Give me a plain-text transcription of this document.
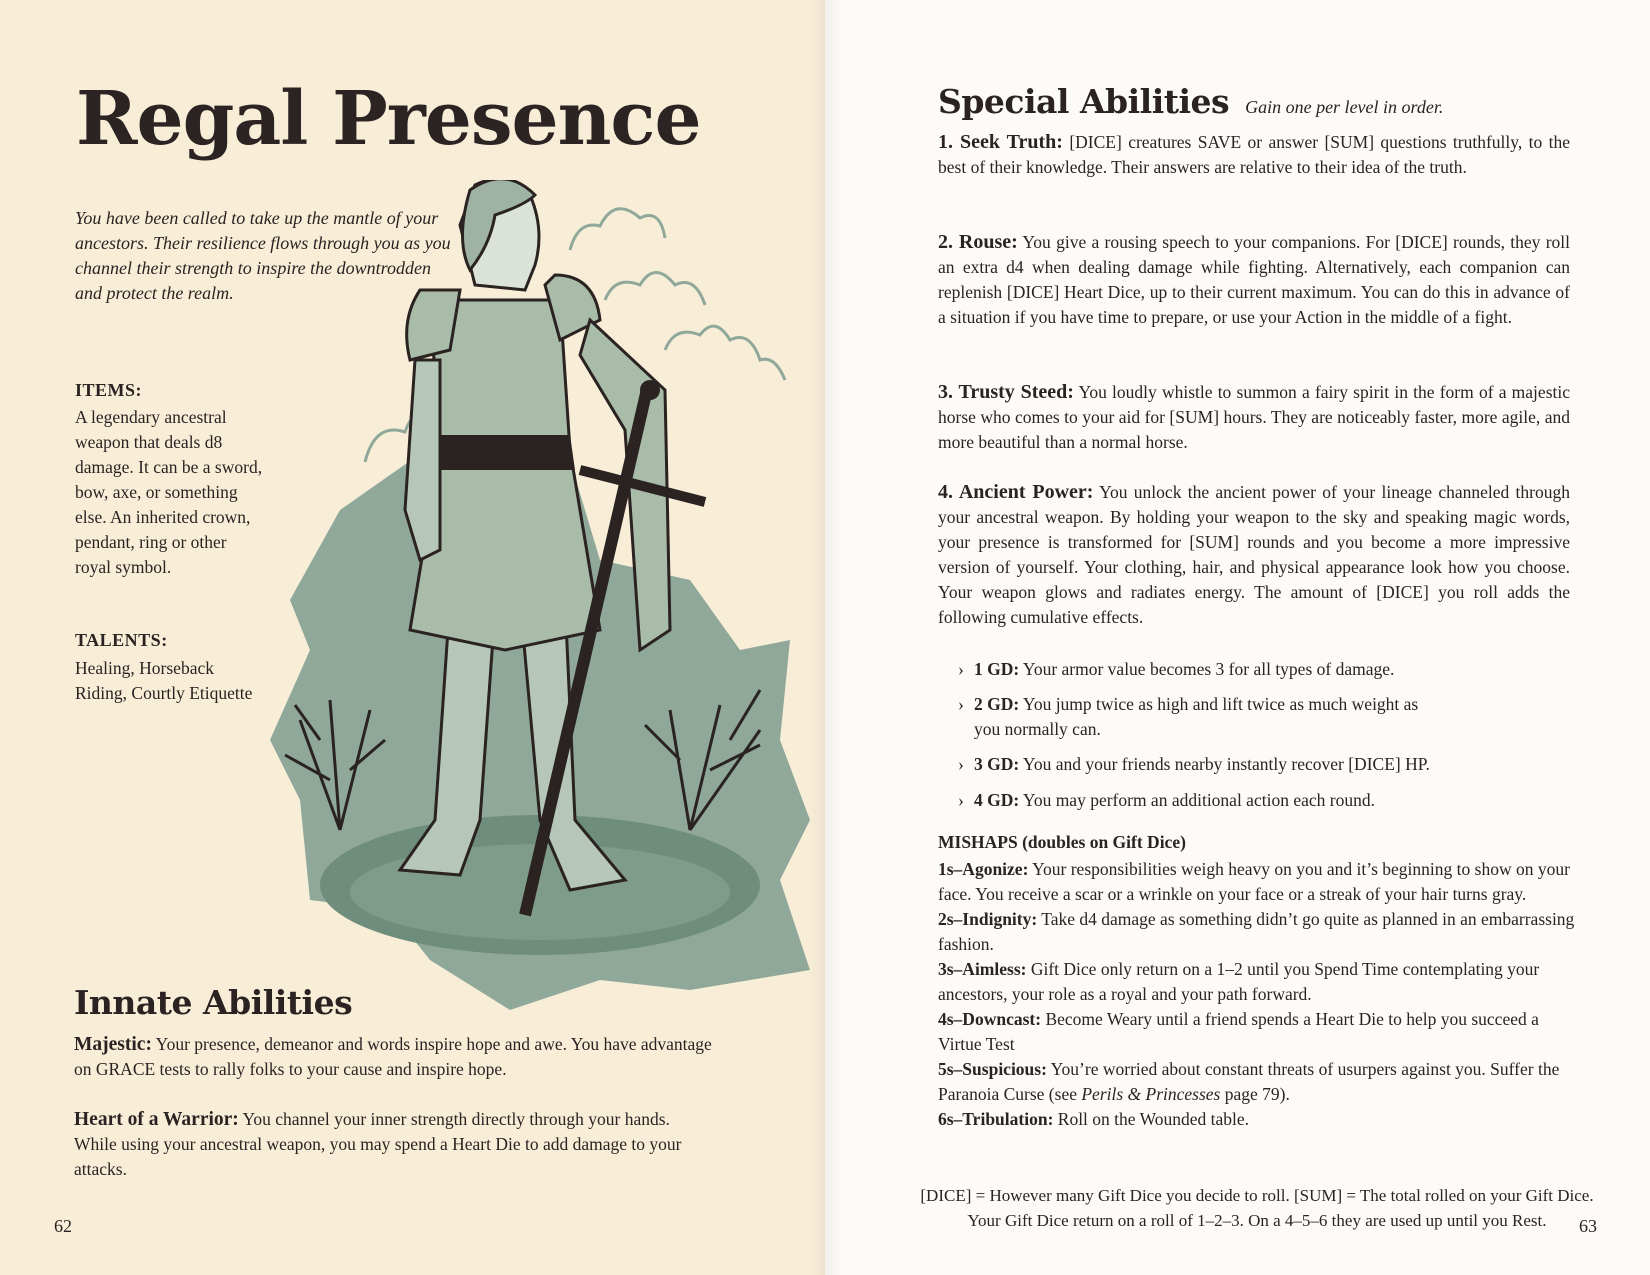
Regal Presence
You have been called to take up the mantle of your ancestors. Their resilience flows through you as you channel their strength to inspire the downtrodden and protect the realm.
ITEMS:
A legendary ancestral weapon that deals d8 damage. It can be a sword, bow, axe, or something else. An inherited crown, pendant, ring or other royal symbol.
TALENTS:
Healing, Horseback Riding, Courtly Etiquette
Innate Abilities
Majestic: Your presence, demeanor and words inspire hope and awe. You have advantage on GRACE tests to rally folks to your cause and inspire hope.
Heart of a Warrior: You channel your inner strength directly through your hands. While using your ancestral weapon, you may spend a Heart Die to add damage to your attacks.
62
Special Abilities Gain one per level in order.
1. Seek Truth: [DICE] creatures SAVE or answer [SUM] questions truthfully, to the best of their knowledge. Their answers are relative to their idea of the truth.
2. Rouse: You give a rousing speech to your companions. For [DICE] rounds, they roll an extra d4 when dealing damage while fighting. Alternatively, each companion can replenish [DICE] Heart Dice, up to their current maximum. You can do this in advance of a situation if you have time to prepare, or use your Action in the middle of a fight.
3. Trusty Steed: You loudly whistle to summon a fairy spirit in the form of a majestic horse who comes to your aid for [SUM] hours. They are noticeably faster, more agile, and more beautiful than a normal horse.
4. Ancient Power: You unlock the ancient power of your lineage channeled through your ancestral weapon. By holding your weapon to the sky and speaking magic words, your presence is transformed for [SUM] rounds and you become a more impressive version of yourself. Your clothing, hair, and physical appearance look how you choose. Your weapon glows and radiates energy. The amount of [DICE] you roll adds the following cumulative effects.
› 1 GD: Your armor value becomes 3 for all types of damage.
› 2 GD: You jump twice as high and lift twice as much weight as
you normally can.
› 3 GD: You and your friends nearby instantly recover [DICE] HP.
› 4 GD: You may perform an additional action each round.
MISHAPS (doubles on Gift Dice)

1s–Agonize: Your responsibilities weigh heavy on you and it’s beginning to show on your face. You receive a scar or a wrinkle on your face or a streak of your hair turns gray.

2s–Indignity: Take d4 damage as something didn’t go quite as planned in an embarrassing fashion.

3s–Aimless: Gift Dice only return on a 1–2 until you Spend Time contemplating your ancestors, your role as a royal and your path forward.

4s–Downcast: Become Weary until a friend spends a Heart Die to help you succeed a Virtue Test

5s–Suspicious: You’re worried about constant threats of usurpers against you. Suffer the Paranoia Curse (see Perils & Princesses page 79).

6s–Tribulation: Roll on the Wounded table.

[DICE] = However many Gift Dice you decide to roll. [SUM] = The total rolled on your Gift Dice.
Your Gift Dice return on a roll of 1–2–3. On a 4–5–6 they are used up until you Rest.	63
